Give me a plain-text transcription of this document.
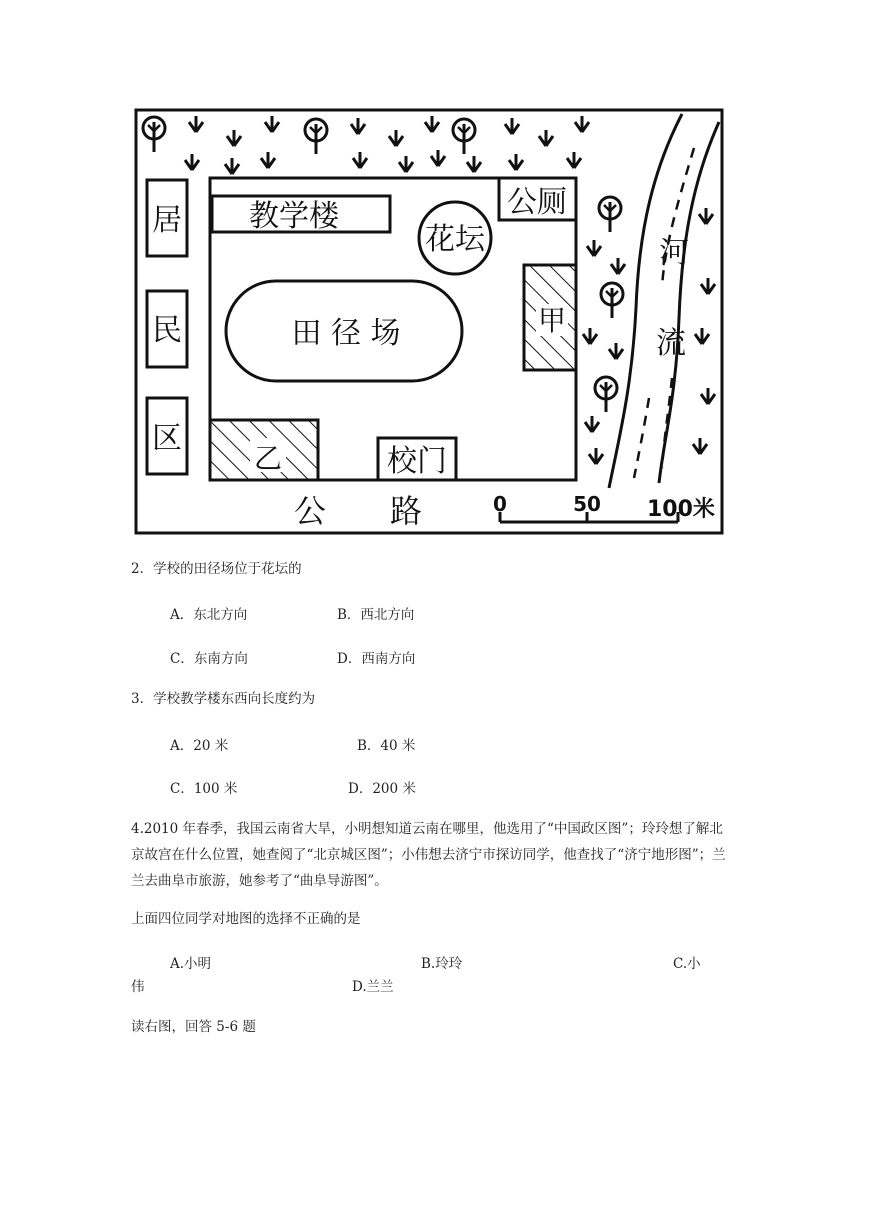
居
民
区
教学楼
花坛
公厕
田 径 场	甲
乙	校门
公　　路
河
流
0	50 100米
2．学校的田径场位于花坛的
A．东北方向	B．西北方向
C．东南方向	D．西南方向
3．学校教学楼东西向长度约为
A．20 米	B．40 米
C．100 米	D．200 米
4.2010 年春季，我国云南省大旱，小明想知道云南在哪里，他选用了“中国政区图”；玲玲想了解北京故宫在什么位置，她查阅了“北京城区图”；小伟想去济宁市探访同学，他查找了“济宁地形图”；兰兰去曲阜市旅游，她参考了“曲阜导游图”。
上面四位同学对地图的选择不正确的是
A.小明	B.玲玲	C.小
伟	D.兰兰
读右图，回答 5-6 题
